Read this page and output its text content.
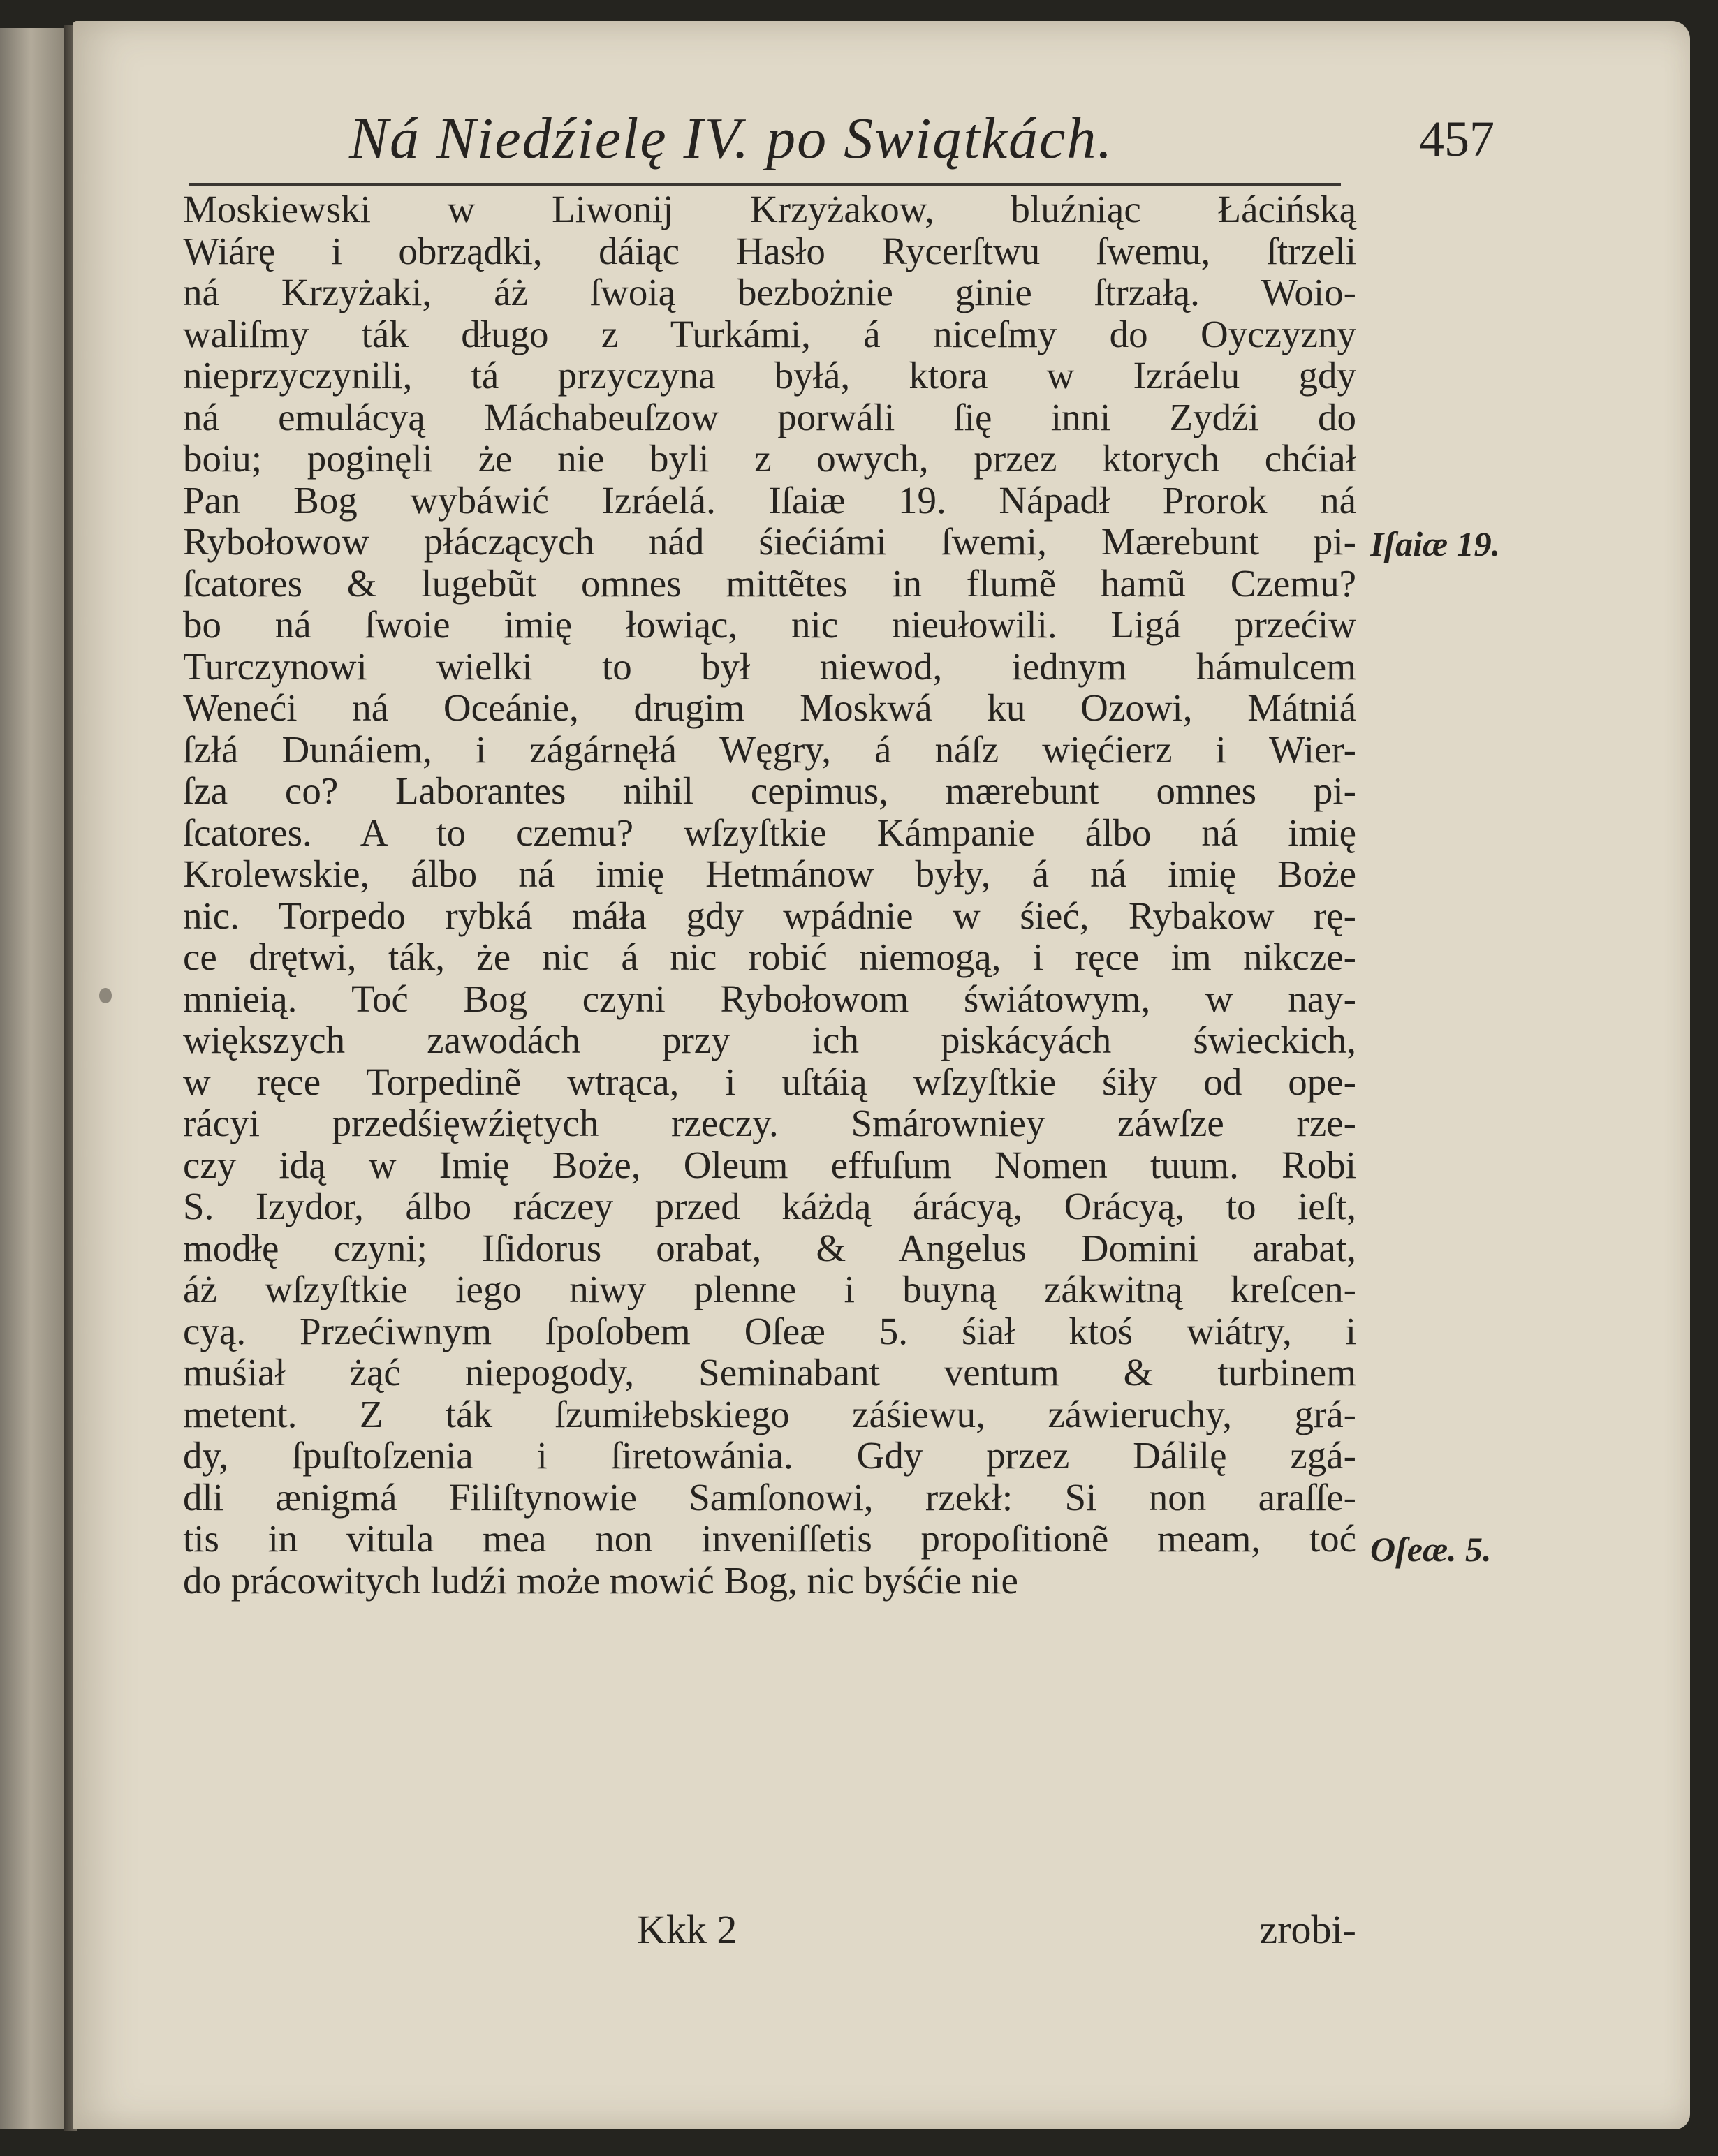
Ná Niedźielę IV. po Swiątkách.	457
Moskiewski w Liwonij Krzyżakow, bluźniąc Łácińską
Wiárę i obrządki, dáiąc Hasło Rycerſtwu ſwemu, ſtrzeli
ná Krzyżaki, áż ſwoią bezbożnie ginie ſtrzałą. Woio-
waliſmy ták długo z Turkámi, á niceſmy do Oyczyzny
nieprzyczynili, tá przyczyna byłá, ktora w Izráelu gdy
ná emulácyą Máchabeuſzow porwáli ſię inni Zydźi do
boiu; poginęli że nie byli z owych, przez ktorych chćiał
Pan Bog wybáwić Izráelá. Iſaiæ 19. Nápadł Prorok ná
Rybołowow płáczących nád śiećiámi ſwemi, Mærebunt pi-
ſcatores & lugebũt omnes mittẽtes in flumẽ hamũ Czemu?
bo ná ſwoie imię łowiąc, nic nieułowili. Ligá przećiw
Turczynowi wielki to był niewod, iednym hámulcem
Weneći ná Oceánie, drugim Moskwá ku Ozowi, Mátniá
ſzłá Dunáiem, i zágárnęłá Węgry, á náſz więćierz i Wier-
ſza co? Laborantes nihil cepimus, mærebunt omnes pi-
ſcatores. A to czemu? wſzyſtkie Kámpanie álbo ná imię
Krolewskie, álbo ná imię Hetmánow były, á ná imię Boże
nic. Torpedo rybká máła gdy wpádnie w śieć, Rybakow rę-
ce drętwi, ták, że nic á nic robić niemogą, i ręce im nikcze-
mnieią. Toć Bog czyni Rybołowom świátowym, w nay-
większych zawodách przy ich piskácyách świeckich,
w ręce Torpedinẽ wtrąca, i uſtáią wſzyſtkie śiły od ope-
rácyi przedśięwźiętych rzeczy. Smárowniey záwſze rze-
czy idą w Imię Boże, Oleum effuſum Nomen tuum. Robi
S. Izydor, álbo ráczey przed káżdą árácyą, Orácyą, to ieſt,
modłę czyni; Iſidorus orabat, & Angelus Domini arabat,
áż wſzyſtkie iego niwy plenne i buyną zákwitną kreſcen-
cyą. Przećiwnym ſpoſobem Oſeæ 5. śiał ktoś wiátry, i
muśiał żąć niepogody, Seminabant ventum & turbinem
metent. Z ták ſzumiłebskiego záśiewu, záwieruchy, grá-
dy, ſpuſtoſzenia i ſiretowánia. Gdy przez Dálilę zgá-
dli ænigmá Filiſtynowie Samſonowi, rzekł: Si non araſſe-
tis in vitula mea non inveniſſetis propoſitionẽ meam, toć
do prácowitych ludźi może mowić Bog, nic byśćie nie
Iſaiæ 19.
Oſeæ. 5.
Kkk 2	zrobi-
